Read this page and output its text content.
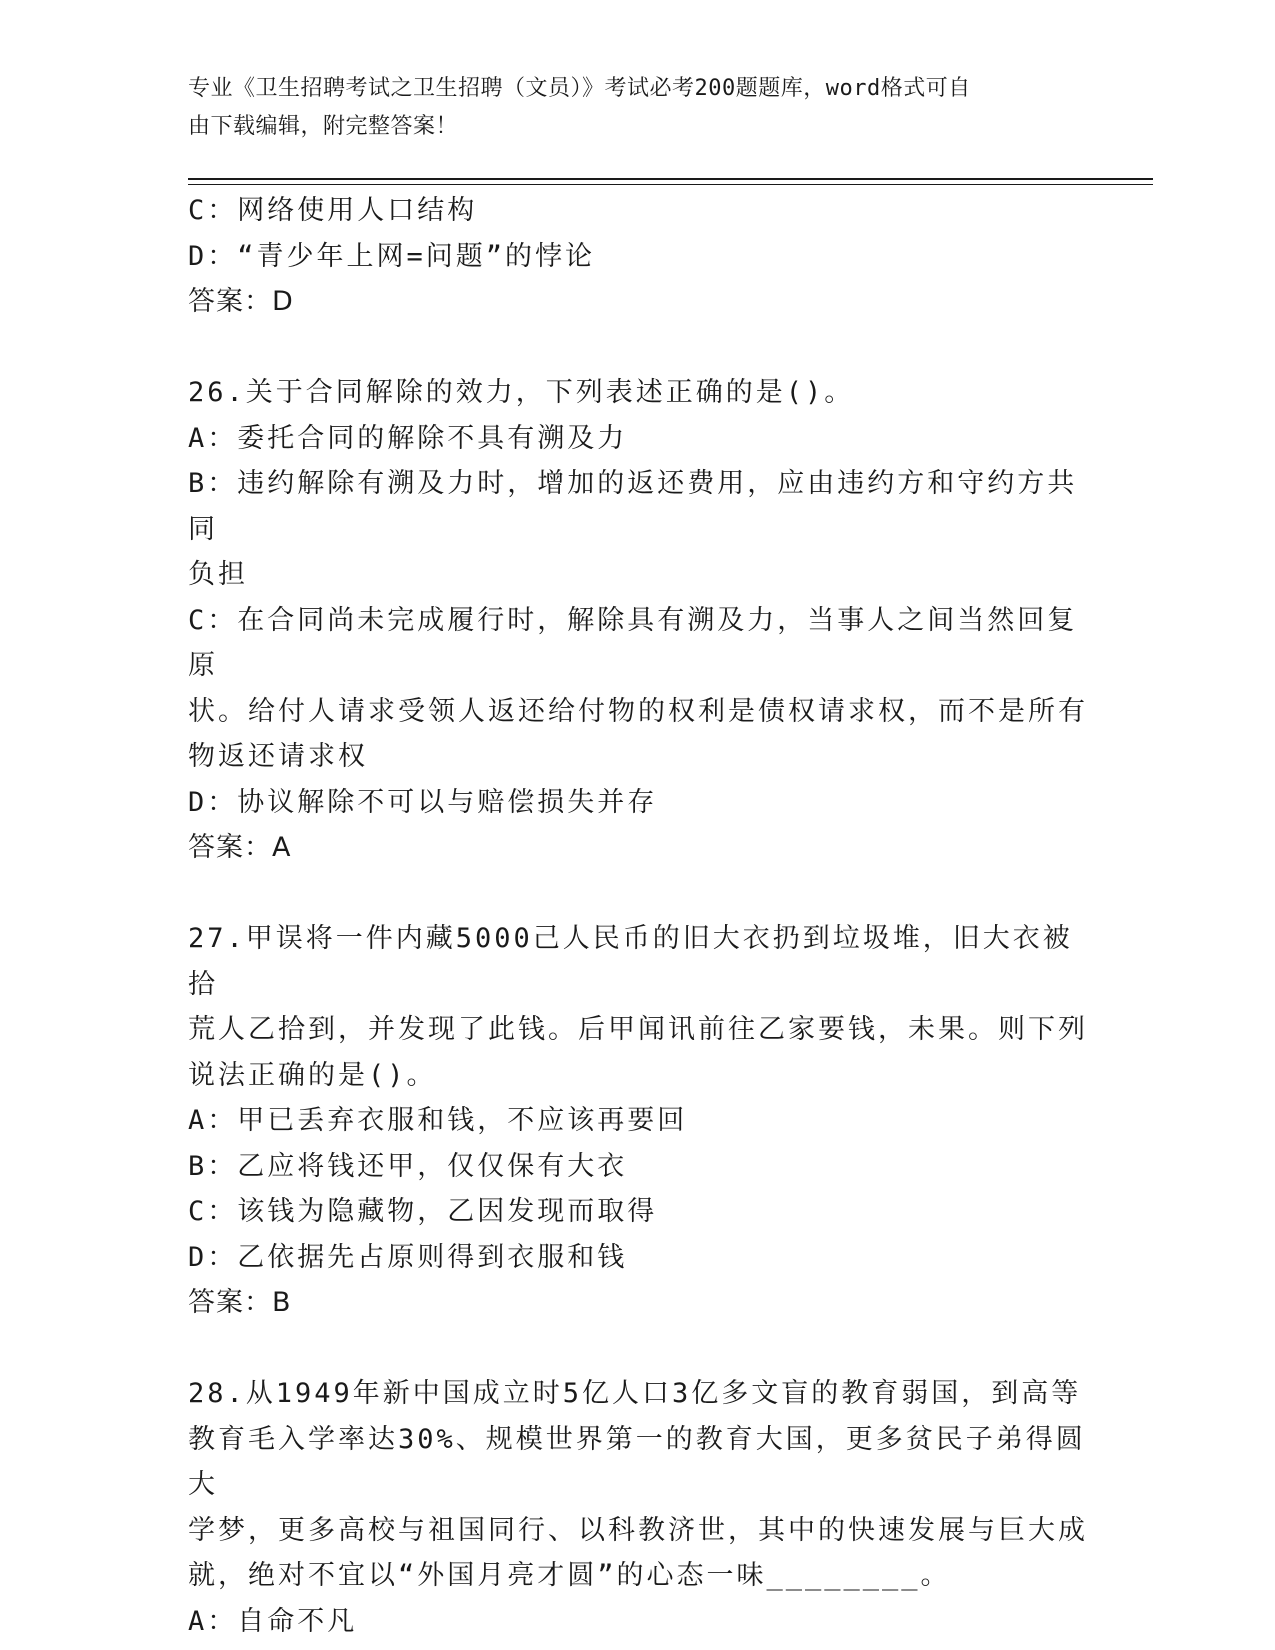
专业《卫生招聘考试之卫生招聘（文员）》考试必考200题题库，word格式可自

由下载编辑，附完整答案！

C：网络使用人口结构

D：“青少年上网=问题”的悖论

答案：D

26.关于合同解除的效力，下列表述正确的是()。

A：委托合同的解除不具有溯及力

B：违约解除有溯及力时，增加的返还费用，应由违约方和守约方共同

负担

C：在合同尚未完成履行时，解除具有溯及力，当事人之间当然回复原

状。给付人请求受领人返还给付物的权利是债权请求权，而不是所有

物返还请求权

D：协议解除不可以与赔偿损失并存

答案：A

27.甲误将一件内藏5000己人民币的旧大衣扔到垃圾堆，旧大衣被拾

荒人乙拾到，并发现了此钱。后甲闻讯前往乙家要钱，未果。则下列

说法正确的是()。

A：甲已丢弃衣服和钱，不应该再要回

B：乙应将钱还甲，仅仅保有大衣

C：该钱为隐藏物，乙因发现而取得

D：乙依据先占原则得到衣服和钱

答案：B

28.从1949年新中国成立时5亿人口3亿多文盲的教育弱国，到高等

教育毛入学率达30%、规模世界第一的教育大国，更多贫民子弟得圆大

学梦，更多高校与祖国同行、以科教济世，其中的快速发展与巨大成

就，绝对不宜以“外国月亮才圆”的心态一味________。

A：自命不凡
